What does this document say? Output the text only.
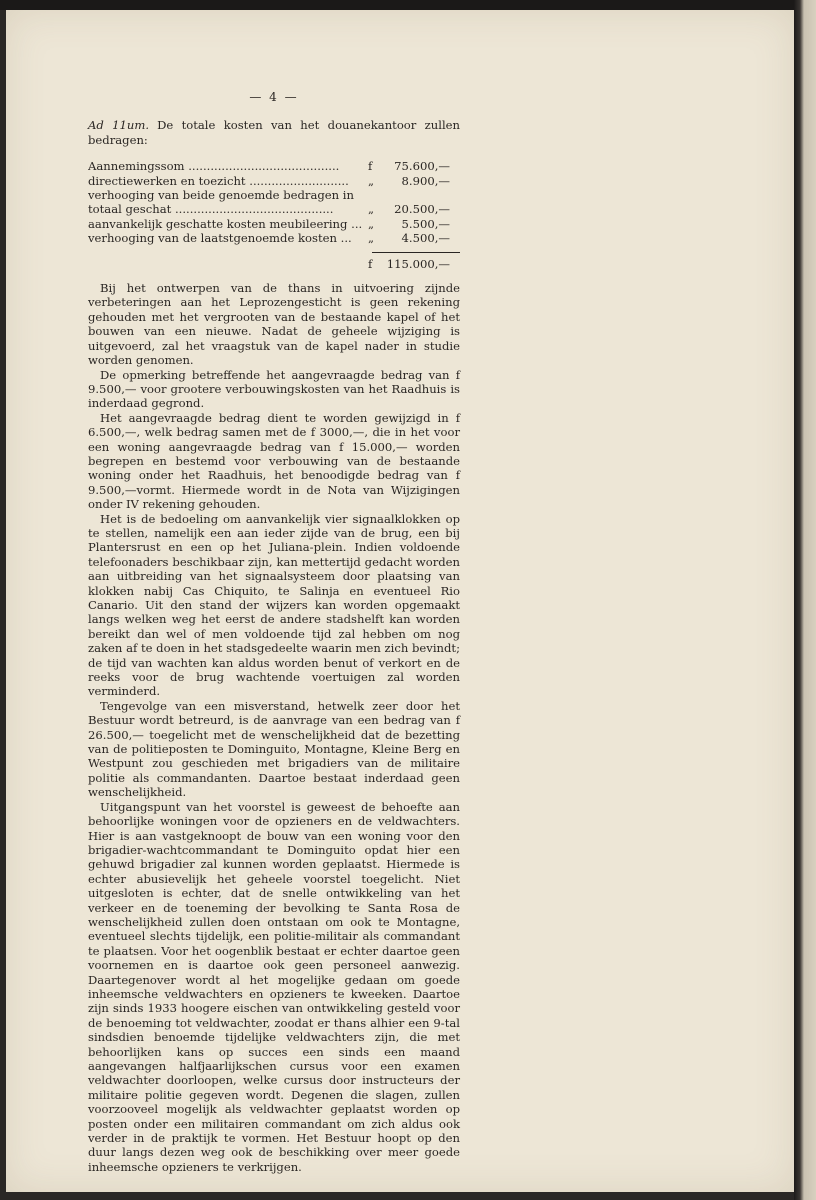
— 4 —

Ad 11um. De totale kosten van het douanekantoor zullen bedragen:

Aannemingssom .........................................	f	75.600,—
directiewerken en toezicht ...........................	„	8.900,—
verhooging van beide genoemde bedragen in
totaal geschat ...........................................	„	20.500,—
aanvankelijk geschatte kosten meubileering ... „	5.500,—
verhooging van de laatstgenoemde kosten ...	„	4.500,—
f	115.000,—

Bij het ontwerpen van de thans in uitvoering zijnde verbeteringen aan het Leprozengesticht is geen rekening gehouden met het vergrooten van de bestaande kapel of het bouwen van een nieuwe. Nadat de geheele wijziging is uitgevoerd, zal het vraagstuk van de kapel nader in studie worden genomen.

De opmerking betreffende het aangevraagde bedrag van f 9.500,— voor grootere verbouwingskosten van het Raadhuis is inderdaad gegrond.

Het aangevraagde bedrag dient te worden gewijzigd in f 6.500,—, welk bedrag samen met de f 3000,—, die in het voor een woning aangevraagde bedrag van f 15.000,— worden begrepen en bestemd voor verbouwing van de bestaande woning onder het Raadhuis, het benoodigde bedrag van f 9.500,—vormt. Hiermede wordt in de Nota van Wijzigingen onder IV rekening gehouden.

Het is de bedoeling om aanvankelijk vier signaalklokken op te stellen, namelijk een aan ieder zijde van de brug, een bij Plantersrust en een op het Juliana-plein. Indien voldoende telefoonaders beschikbaar zijn, kan mettertijd gedacht worden aan uitbreiding van het signaalsysteem door plaatsing van klokken nabij Cas Chiquito, te Salinja en eventueel Rio Canario. Uit den stand der wijzers kan worden opgemaakt langs welken weg het eerst de andere stadshelft kan worden bereikt dan wel of men voldoende tijd zal hebben om nog zaken af te doen in het stadsgedeelte waarin men zich bevindt; de tijd van wachten kan aldus worden benut of verkort en de reeks voor de brug wachtende voertuigen zal worden verminderd.

Tengevolge van een misverstand, hetwelk zeer door het Bestuur wordt betreurd, is de aanvrage van een bedrag van f 26.500,— toegelicht met de wenschelijkheid dat de bezetting van de politieposten te Dominguito, Montagne, Kleine Berg en Westpunt zou geschieden met brigadiers van de militaire politie als commandanten. Daartoe bestaat inderdaad geen wenschelijkheid.

Uitgangspunt van het voorstel is geweest de behoefte aan behoorlijke woningen voor de opzieners en de veldwachters. Hier is aan vastgeknoopt de bouw van een woning voor den brigadier-wachtcommandant te Dominguito opdat hier een gehuwd brigadier zal kunnen worden geplaatst. Hiermede is echter abusievelijk het geheele voorstel toegelicht. Niet uitgesloten is echter, dat de snelle ontwikkeling van het verkeer en de toeneming der bevolking te Santa Rosa de wenschelijkheid zullen doen ontstaan om ook te Montagne, eventueel slechts tijdelijk, een politie-militair als commandant te plaatsen. Voor het oogenblik bestaat er echter daartoe geen voornemen en is daartoe ook geen personeel aanwezig. Daartegenover wordt al het mogelijke gedaan om goede inheemsche veldwachters en opzieners te kweeken. Daartoe zijn sinds 1933 hoogere eischen van ontwikkeling gesteld voor de benoeming tot veldwachter, zoodat er thans alhier een 9-tal sindsdien benoemde tijdelijke veldwachters zijn, die met behoorlijken kans op succes een sinds een maand aangevangen halfjaarlijkschen cursus voor een examen veldwachter doorloopen, welke cursus door instructeurs der militaire politie gegeven wordt. Degenen die slagen, zullen voorzooveel mogelijk als veldwachter geplaatst worden op posten onder een militairen commandant om zich aldus ook verder in de praktijk te vormen. Het Bestuur hoopt op den duur langs dezen weg ook de beschikking over meer goede inheemsche opzieners te verkrijgen.
